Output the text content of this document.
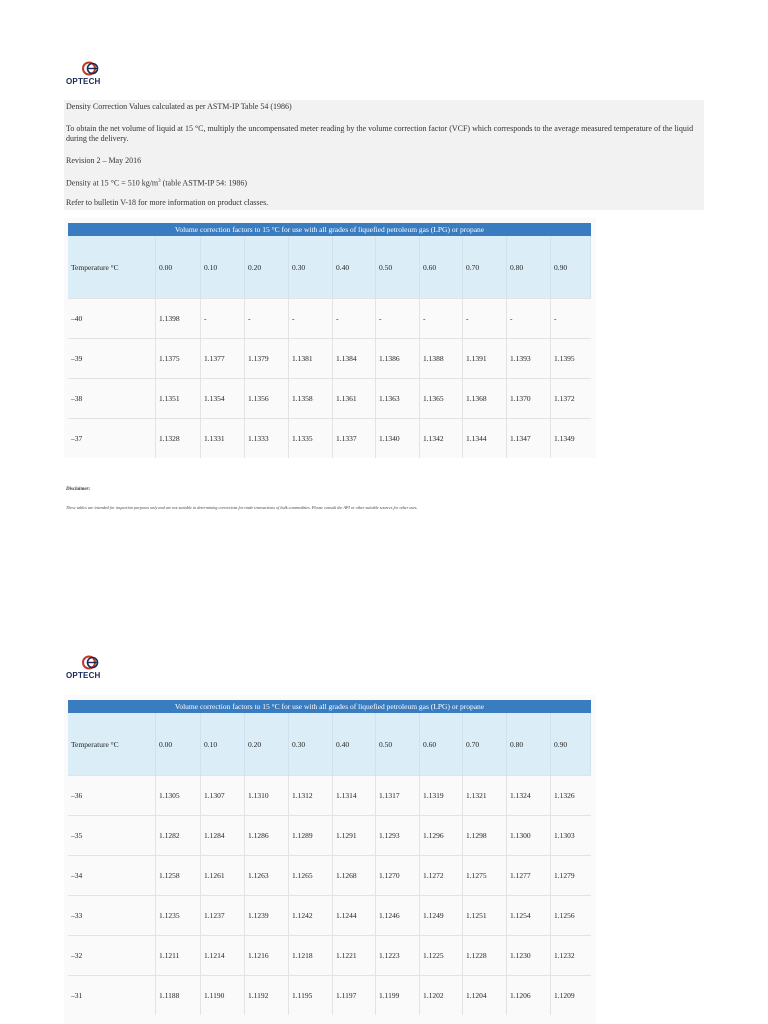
OPTECH

Density Correction Values calculated as per ASTM-IP Table 54 (1986)

To obtain the net volume of liquid at 15 °C, multiply the uncompensated meter reading by the volume correction factor (VCF) which corresponds to the average measured temperature of the liquid during the delivery.

Revision 2 – May 2016

Density at 15 °C = 510 $kg/m^3$ (table ASTM-IP 54: 1986)

Refer to bulletin V-18 for more information on product classes.

Volume correction factors to 15 °C for use with all grades of liquefied petroleum gas (LPG) or propane
Temperature °C	0.00	0.10	0.20	0.30	0.40	0.50	0.60	0.70	0.80	0.90
–40	1.1398	-	-	-	-	-	-	-	-	-
–39	1.1375	1.1377	1.1379	1.1381	1.1384	1.1386	1.1388	1.1391	1.1393	1.1395
–38	1.1351	1.1354	1.1356	1.1358	1.1361	1.1363	1.1365	1.1368	1.1370	1.1372
–37	1.1328	1.1331	1.1333	1.1335	1.1337	1.1340	1.1342	1.1344	1.1347	1.1349
Disclaimer:
These tables are intended for inspection purposes only and are not suitable in determining corrections for trade transactions of bulk commodities. Please consult the API or other suitable sources for other uses.
OPTECH
Volume correction factors to 15 °C for use with all grades of liquefied petroleum gas (LPG) or propane
Temperature °C	0.00	0.10	0.20	0.30	0.40	0.50	0.60	0.70	0.80	0.90
–36	1.1305	1.1307	1.1310	1.1312	1.1314	1.1317	1.1319	1.1321	1.1324	1.1326
–35	1.1282	1.1284	1.1286	1.1289	1.1291	1.1293	1.1296	1.1298	1.1300	1.1303
–34	1.1258	1.1261	1.1263	1.1265	1.1268	1.1270	1.1272	1.1275	1.1277	1.1279
–33	1.1235	1.1237	1.1239	1.1242	1.1244	1.1246	1.1249	1.1251	1.1254	1.1256
–32	1.1211	1.1214	1.1216	1.1218	1.1221	1.1223	1.1225	1.1228	1.1230	1.1232
–31	1.1188	1.1190	1.1192	1.1195	1.1197	1.1199	1.1202	1.1204	1.1206	1.1209
